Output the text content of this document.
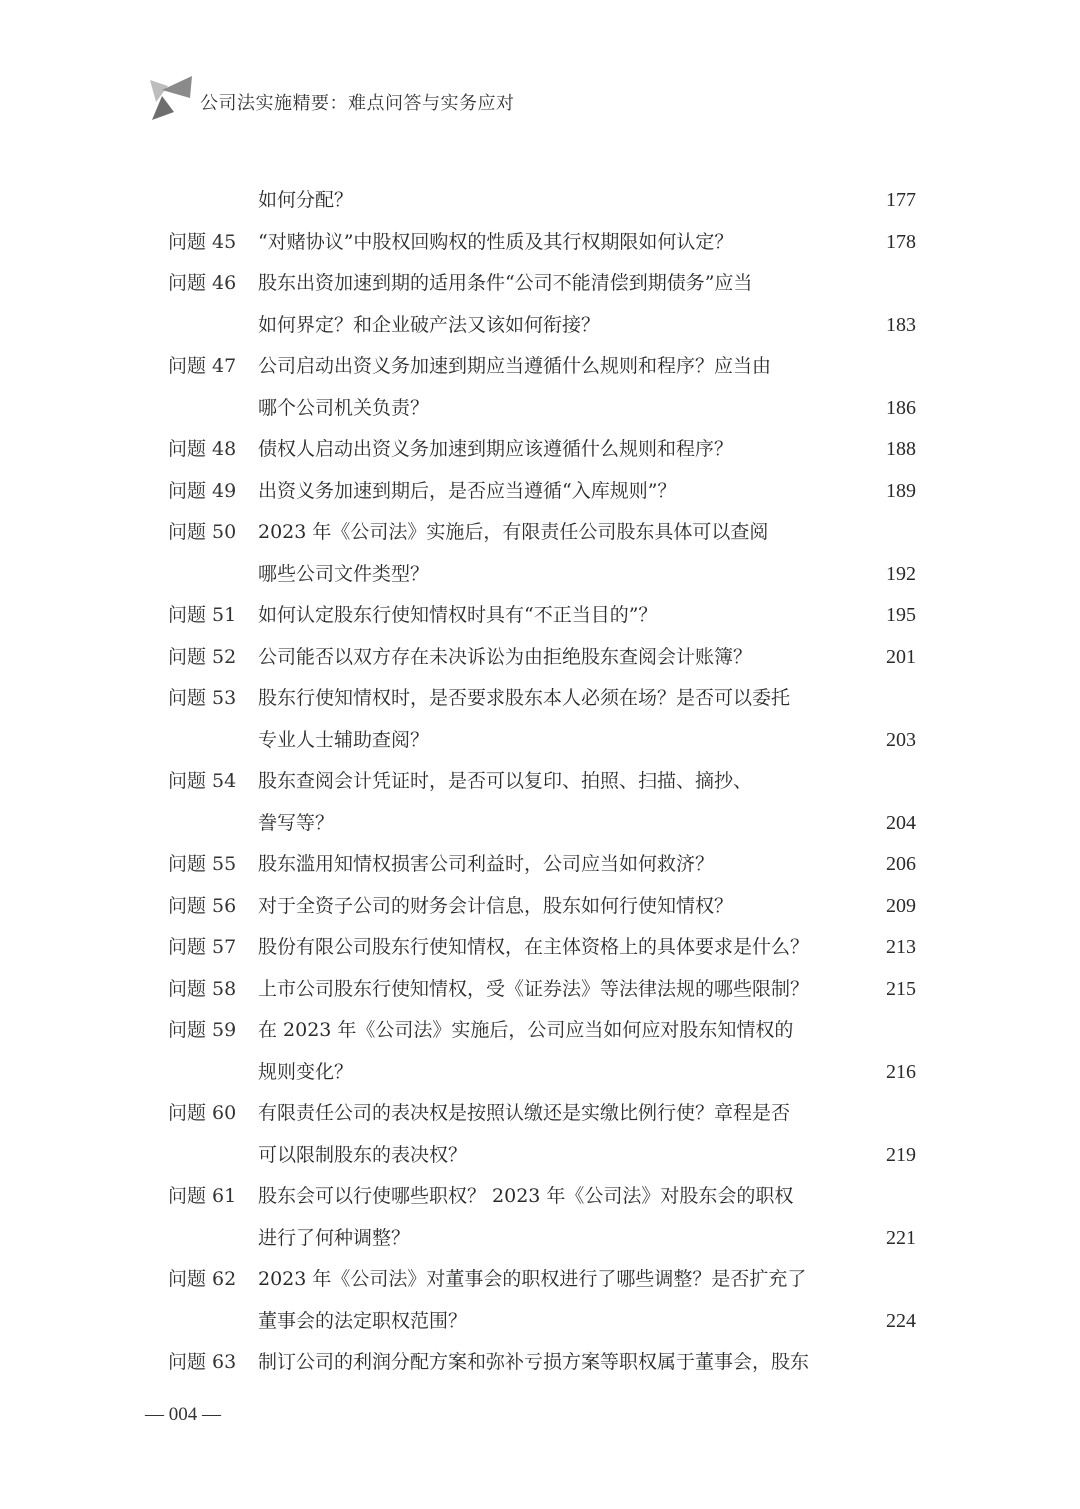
公司法实施精要：难点问答与实务应对
如何分配？	177
问题 45	“对赌协议”中股权回购权的性质及其行权期限如何认定？	178
问题 46	股东出资加速到期的适用条件“公司不能清偿到期债务”应当
如何界定？和企业破产法又该如何衔接？	183
问题 47	公司启动出资义务加速到期应当遵循什么规则和程序？应当由
哪个公司机关负责？	186
问题 48	债权人启动出资义务加速到期应该遵循什么规则和程序？	188
问题 49	出资义务加速到期后，是否应当遵循“入库规则”？	189
问题 50	2023 年《公司法》实施后，有限责任公司股东具体可以查阅
哪些公司文件类型？	192
问题 51	如何认定股东行使知情权时具有“不正当目的”？	195
问题 52	公司能否以双方存在未决诉讼为由拒绝股东查阅会计账簿？	201
问题 53	股东行使知情权时，是否要求股东本人必须在场？是否可以委托
专业人士辅助查阅？	203
问题 54	股东查阅会计凭证时，是否可以复印、拍照、扫描、摘抄、
誊写等？	204
问题 55	股东滥用知情权损害公司利益时，公司应当如何救济？	206
问题 56	对于全资子公司的财务会计信息，股东如何行使知情权？	209
问题 57	股份有限公司股东行使知情权，在主体资格上的具体要求是什么？	213
问题 58	上市公司股东行使知情权，受《证券法》等法律法规的哪些限制？	215
问题 59	在 2023 年《公司法》实施后，公司应当如何应对股东知情权的
规则变化？	216
问题 60	有限责任公司的表决权是按照认缴还是实缴比例行使？章程是否
可以限制股东的表决权？	219
问题 61	股东会可以行使哪些职权？ 2023 年《公司法》对股东会的职权
进行了何种调整？	221
问题 62	2023 年《公司法》对董事会的职权进行了哪些调整？是否扩充了
董事会的法定职权范围？	224
问题 63	制订公司的利润分配方案和弥补亏损方案等职权属于董事会，股东
— 004 —
